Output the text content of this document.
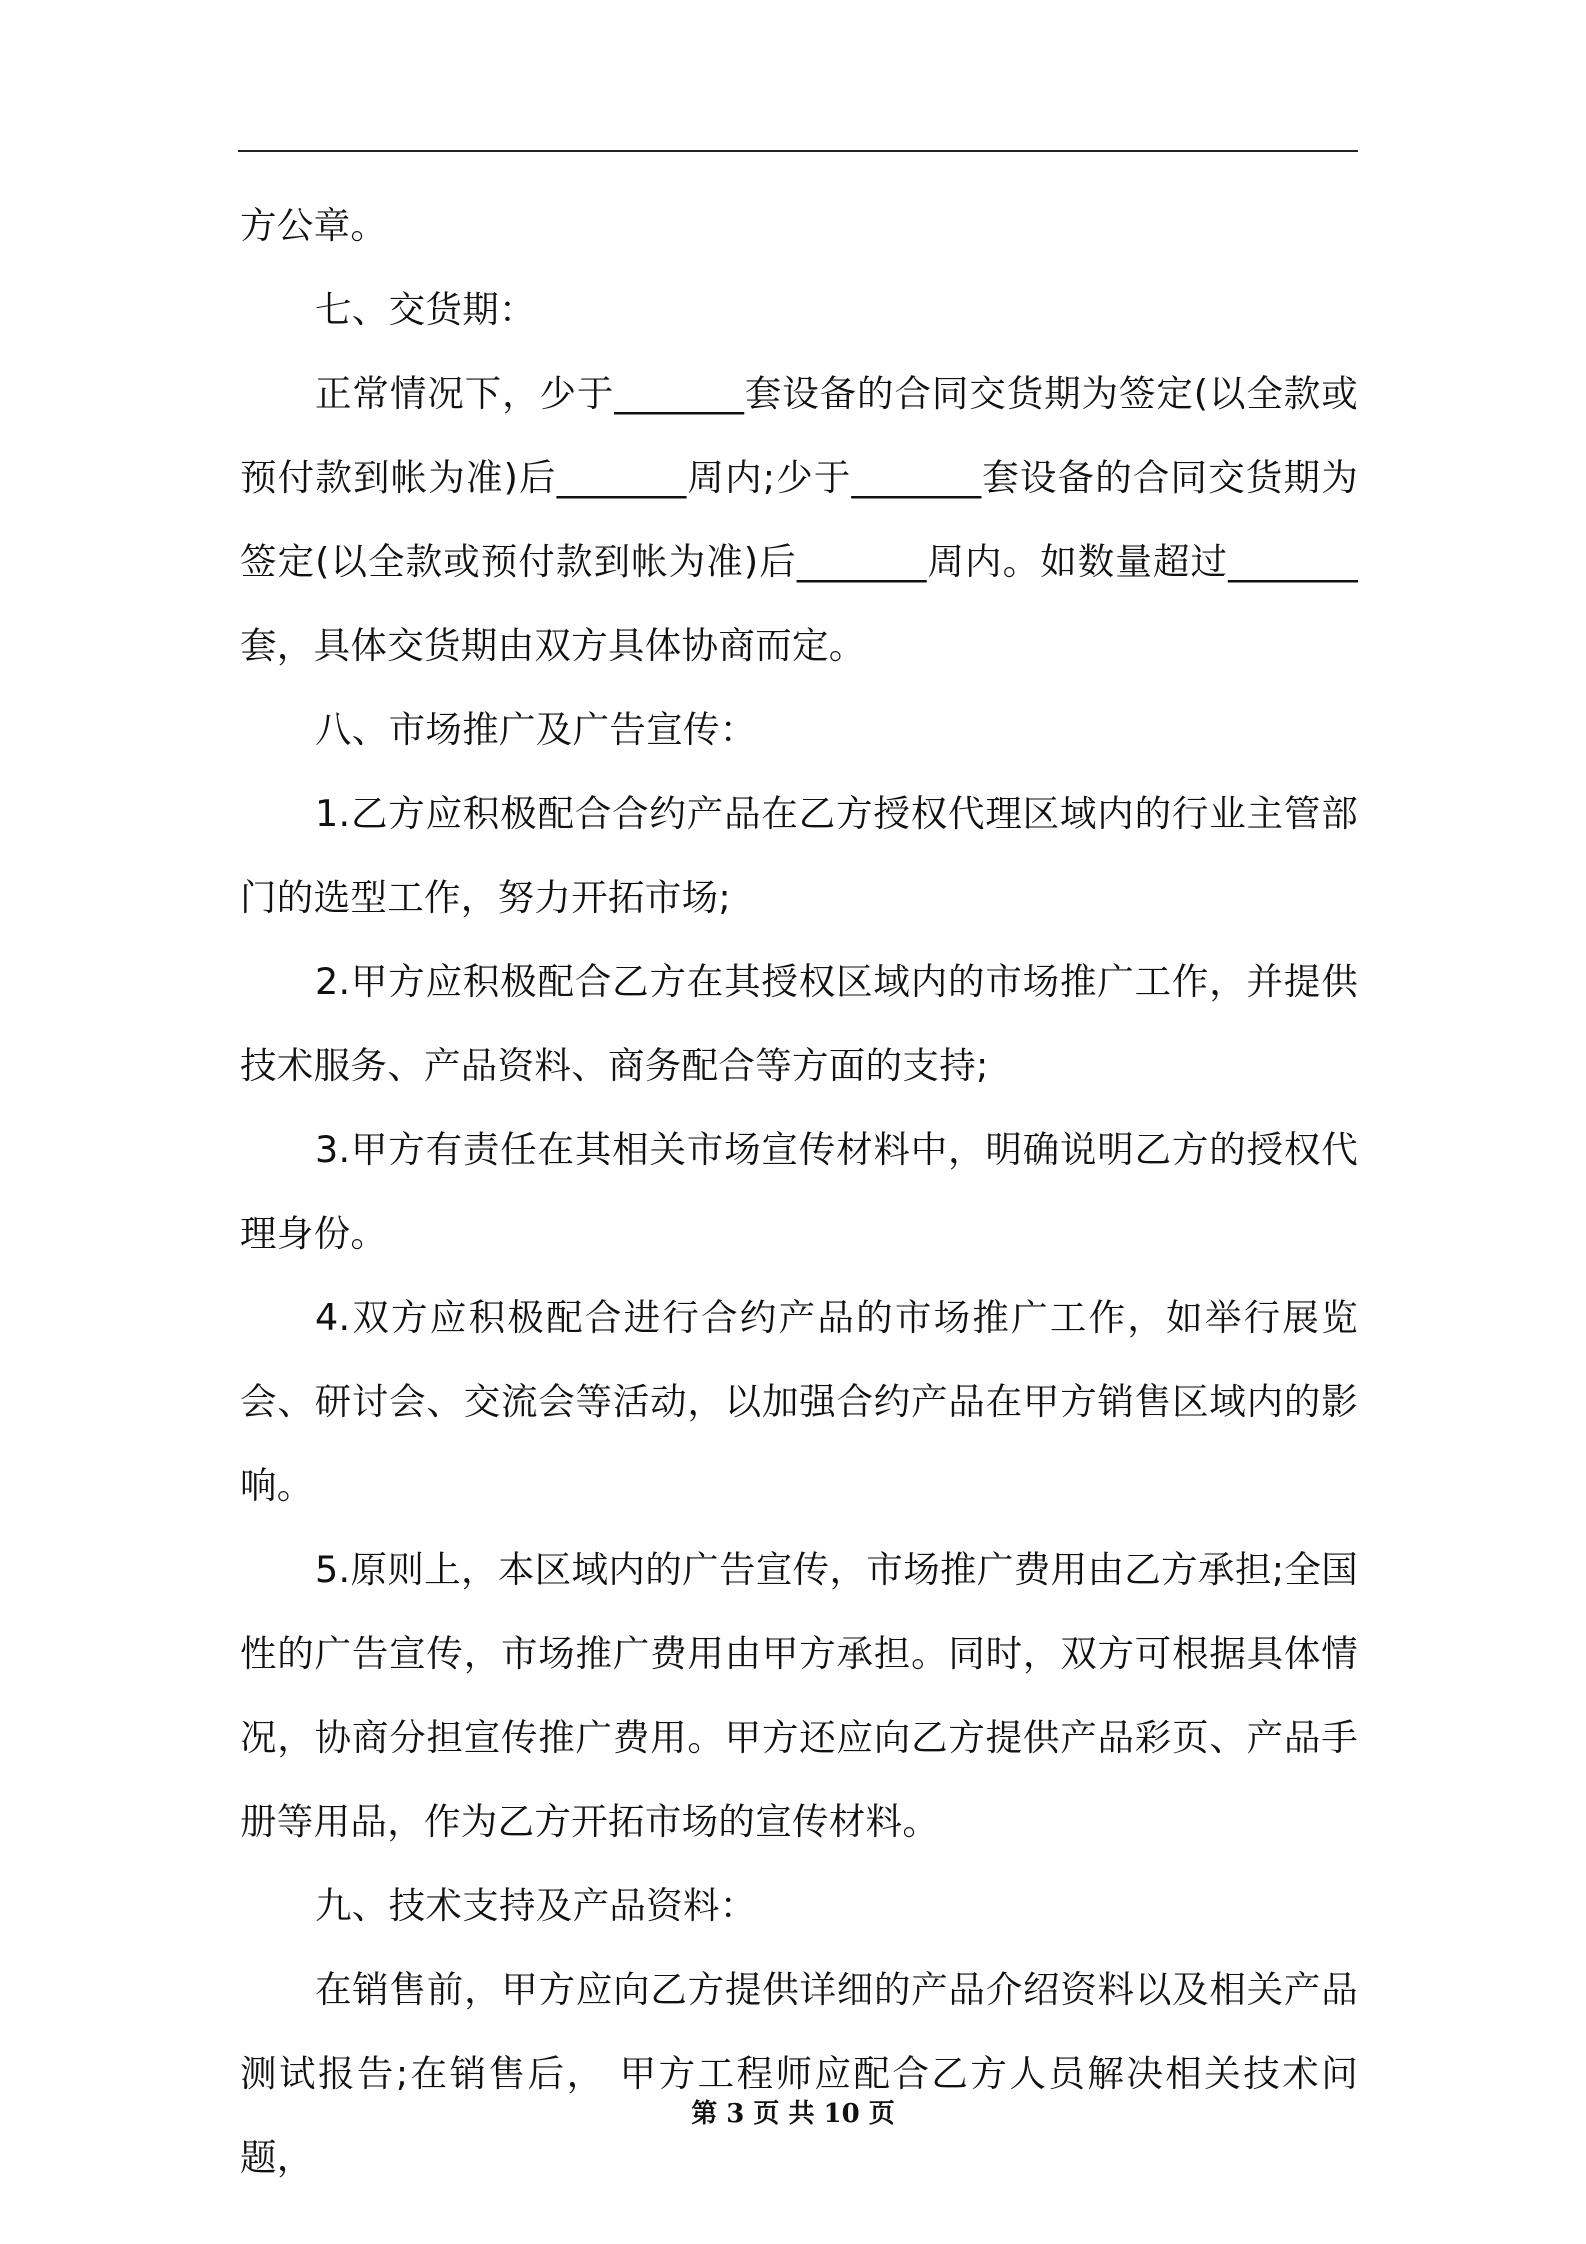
方公章。

七、交货期：

正常情况下，少于_______套设备的合同交货期为签定(以全款或预付款到帐为准)后_______周内;少于_______套设备的合同交货期为签定(以全款或预付款到帐为准)后_______周内。如数量超过_______套，具体交货期由双方具体协商而定。

八、市场推广及广告宣传：

1.乙方应积极配合合约产品在乙方授权代理区域内的行业主管部门的选型工作，努力开拓市场;

2.甲方应积极配合乙方在其授权区域内的市场推广工作，并提供技术服务、产品资料、商务配合等方面的支持;

3.甲方有责任在其相关市场宣传材料中，明确说明乙方的授权代理身份。

4.双方应积极配合进行合约产品的市场推广工作，如举行展览会、研讨会、交流会等活动，以加强合约产品在甲方销售区域内的影响。

5.原则上，本区域内的广告宣传，市场推广费用由乙方承担;全国性的广告宣传，市场推广费用由甲方承担。同时，双方可根据具体情况，协商分担宣传推广费用。甲方还应向乙方提供产品彩页、产品手册等用品，作为乙方开拓市场的宣传材料。

九、技术支持及产品资料：

在销售前，甲方应向乙方提供详细的产品介绍资料以及相关产品测试报告;在销售后， 甲方工程师应配合乙方人员解决相关技术问题，

第 3 页 共 10 页
